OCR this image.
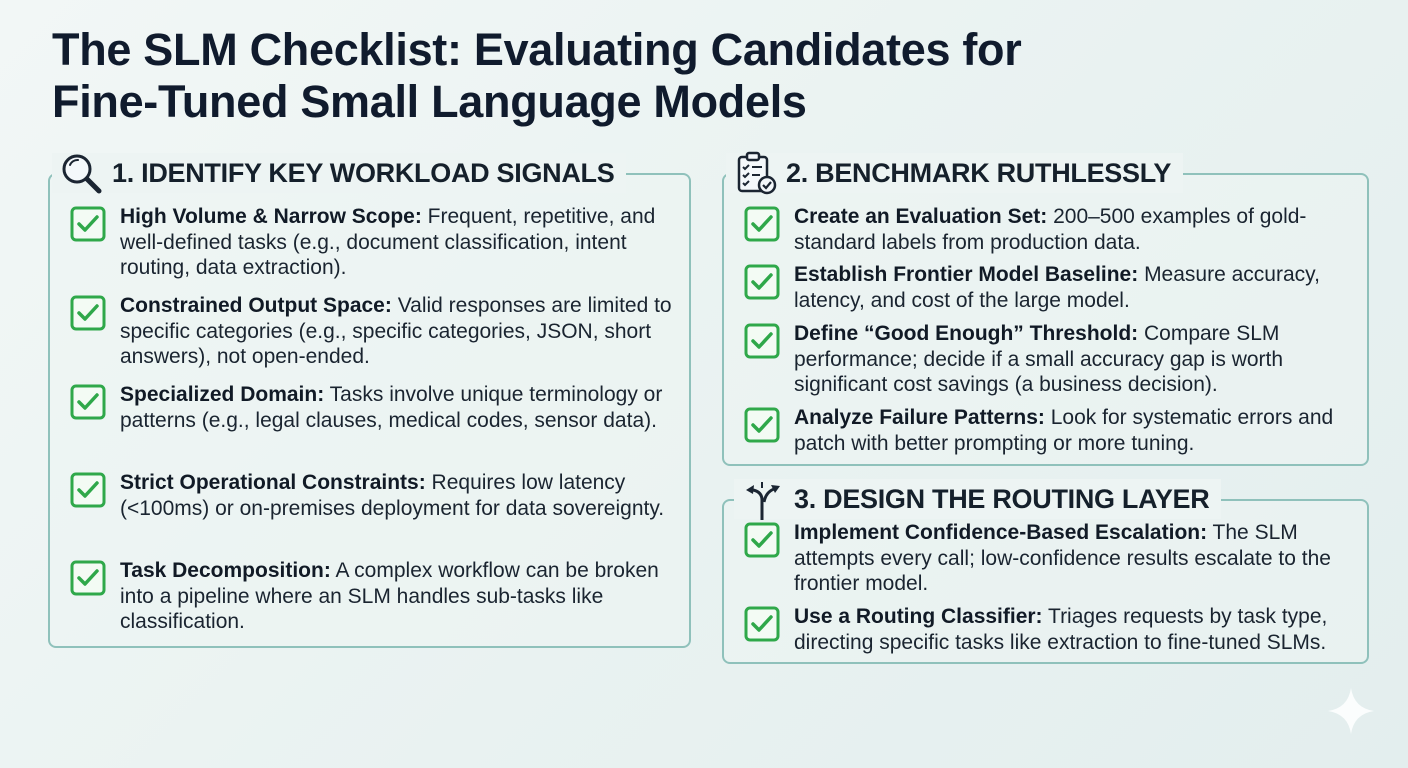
The SLM Checklist: Evaluating Candidates for
Fine-Tuned Small Language Models
1. IDENTIFY KEY WORKLOAD SIGNALS
High Volume & Narrow Scope: Frequent, repetitive, and well-defined tasks (e.g., document classification, intent routing, data extraction).
Constrained Output Space: Valid responses are limited to specific categories (e.g., specific categories, JSON, short answers), not open-ended.
Specialized Domain: Tasks involve unique terminology or patterns (e.g., legal clauses, medical codes, sensor data).
Strict Operational Constraints: Requires low latency (<100ms) or on-premises deployment for data sovereignty.
Task Decomposition: A complex workflow can be broken into a pipeline where an SLM handles sub-tasks like classification.
2. BENCHMARK RUTHLESSLY
Create an Evaluation Set: 200–500 examples of gold-standard labels from production data.
Establish Frontier Model Baseline: Measure accuracy, latency, and cost of the large model.
Define “Good Enough” Threshold: Compare SLM performance; decide if a small accuracy gap is worth significant cost savings (a business decision).
Analyze Failure Patterns: Look for systematic errors and patch with better prompting or more tuning.
3. DESIGN THE ROUTING LAYER
Implement Confidence-Based Escalation: The SLM attempts every call; low-confidence results escalate to the frontier model.
Use a Routing Classifier: Triages requests by task type, directing specific tasks like extraction to fine-tuned SLMs.
